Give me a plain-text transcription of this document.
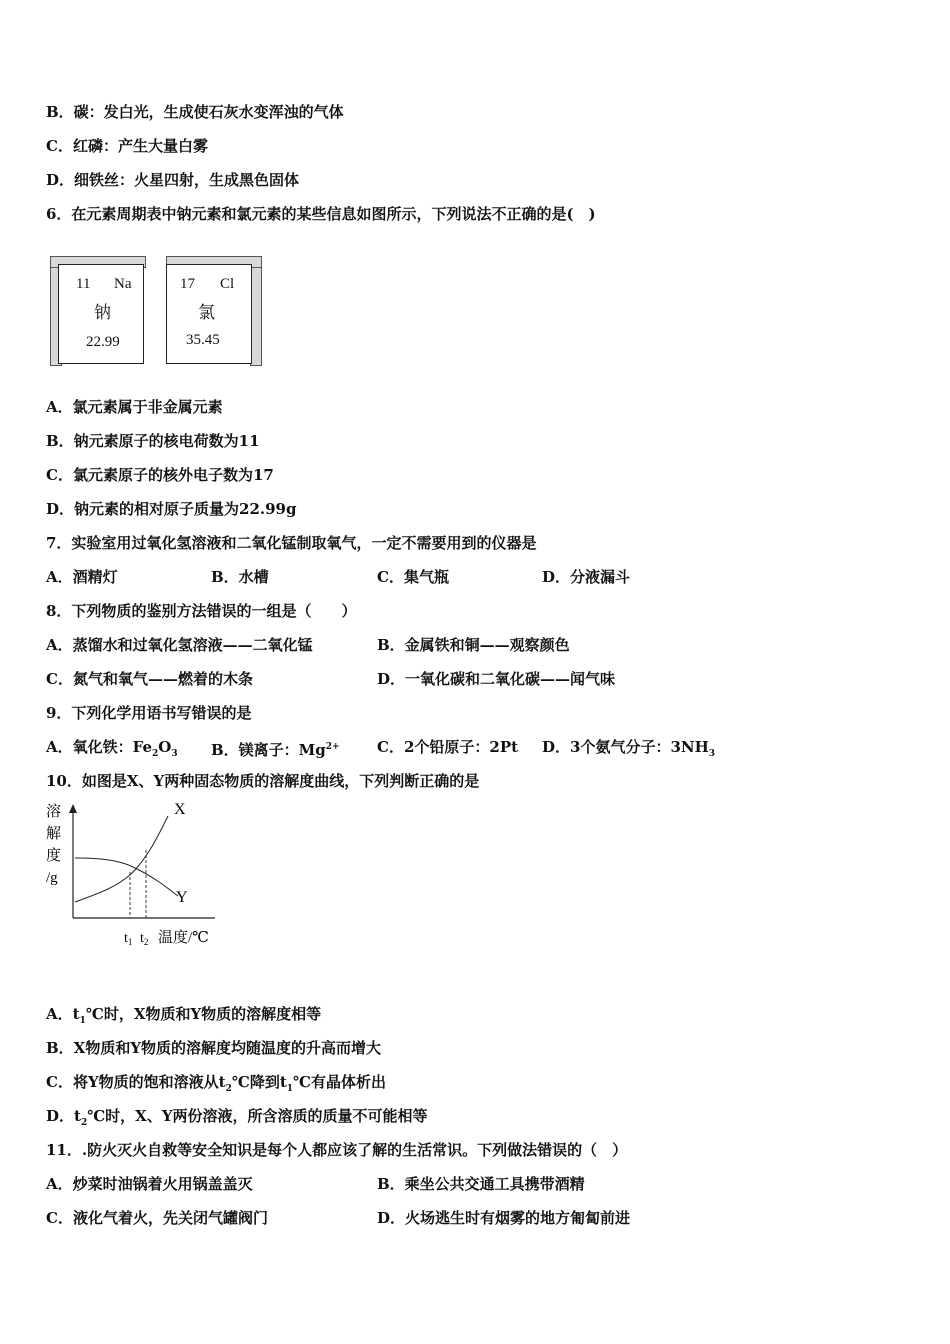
B．碳：发白光，生成使石灰水变浑浊的气体
C．红磷：产生大量白雾
D．细铁丝：火星四射，生成黑色固体
6．在元素周期表中钠元素和氯元素的某些信息如图所示，下列说法不正确的是(　)
11 Na
钠
22.99
17 Cl
氯
35.45
A．氯元素属于非金属元素
B．钠元素原子的核电荷数为11
C．氯元素原子的核外电子数为17
D．钠元素的相对原子质量为22.99g
7．实验室用过氧化氢溶液和二氧化锰制取氧气，一定不需要用到的仪器是
A．酒精灯	B．水槽	C．集气瓶	D．分液漏斗
8．下列物质的鉴别方法错误的一组是（　　）
A．蒸馏水和过氧化氢溶液——二氧化锰	B．金属铁和铜——观察颜色
C．氮气和氧气——燃着的木条	D．一氧化碳和二氧化碳——闻气味
9．下列化学用语书写错误的是
A．氧化铁：$Fe_2O_3$ B．镁离子：$Mg^{2+}$ C．2个铅原子：2Pt D．3个氨气分子：$3NH_3$
10．如图是X、Y两种固态物质的溶解度曲线，下列判断正确的是
X
Y
溶
解
度
/g
$t_1$ $t_2$ 温度/℃
A．$t_1℃$时，X物质和Y物质的溶解度相等
B．X物质和Y物质的溶解度均随温度的升高而增大
C．将Y物质的饱和溶液从$t_2℃$降到$t_1℃$有晶体析出
D．$t_2℃$时，X、Y两份溶液，所含溶质的质量不可能相等
11．.防火灭火自救等安全知识是每个人都应该了解的生活常识。下列做法错误的（　）
A．炒菜时油锅着火用锅盖盖灭	B．乘坐公共交通工具携带酒精
C．液化气着火，先关闭气罐阀门	D．火场逃生时有烟雾的地方匍匐前进
